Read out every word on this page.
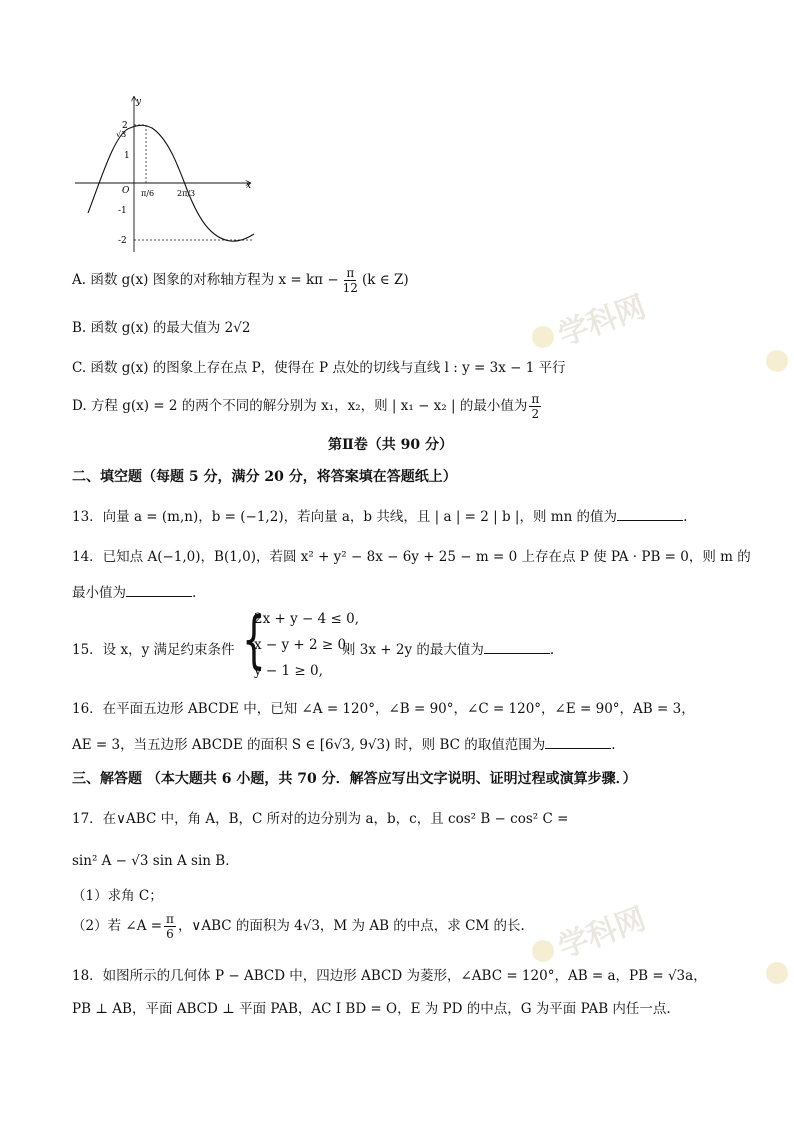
x
y
2
√3
1
-1
-2
O π/6	2π/3
学科网
学科网
A. 函数 g(x) 图象的对称轴方程为 $x = k\pi - \frac{\pi}{12} (k$ ∈ Z)
B. 函数 g(x) 的最大值为 2√2
C. 函数 g(x) 的图象上存在点 P，使得在 P 点处的切线与直线 l : y = 3x − 1 平行
D. 方程 g(x) = 2 的两个不同的解分别为 x₁，x₂，则 | x₁ − x₂ | 的最小值为 $\frac{\pi}{2}$
第Ⅱ卷（共 90 分）
二、填空题（每题 5 分，满分 20 分，将答案填在答题纸上）
13．向量 a = (m,n)，b = (−1,2)，若向量 a，b 共线，且 | a | = 2 | b |，则 mn 的值为	.
14．已知点 A(−1,0)，B(1,0)，若圆 x² + y² − 8x − 6y + 25 − m = 0 上存在点 P 使 PA · PB = 0，则 m 的
最小值为	.
15．设 x，y 满足约束条件 {
2x + y − 4 ≤ 0,
x − y + 2 ≥ 0,
y − 1 ≥ 0,
则 3x + 2y 的最大值为	.
16．在平面五边形 ABCDE 中，已知 ∠A = 120°，∠B = 90°，∠C = 120°，∠E = 90°，AB = 3，
AE = 3，当五边形 ABCDE 的面积 S ∈ [6√3, 9√3) 时，则 BC 的取值范围为	.
三、解答题 （本大题共 6 小题，共 70 分．解答应写出文字说明、证明过程或演算步骤．）
17．在∨ABC 中，角 A，B，C 所对的边分别为 a，b，c，且 cos² B − cos² C =
sin² A − √3 sin A sin B．
（1）求角 C；
（2）若 ∠A = $\frac{\pi}{6}$ ，∨ABC 的面积为 4√3，M 为 AB 的中点，求 CM 的长.
18．如图所示的几何体 P − ABCD 中，四边形 ABCD 为菱形，∠ABC = 120°，AB = a，PB = √3a，
PB ⊥ AB，平面 ABCD ⊥ 平面 PAB，AC I BD = O，E 为 PD 的中点，G 为平面 PAB 内任一点.
